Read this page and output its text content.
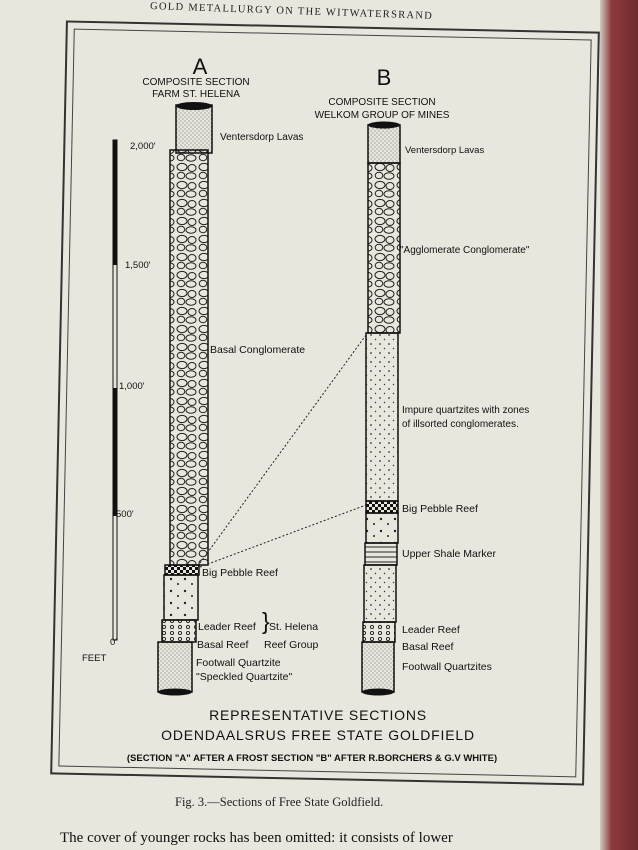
GOLD METALLURGY ON THE WITWATERSRAND
A
COMPOSITE SECTION
FARM ST. HELENA
Ventersdorp Lavas
Basal Conglomerate
Big Pebble Reef
Leader Reef
Basal Reef
} St. Helena
Reef Group
Footwall Quartzite
"Speckled Quartzite"
B
COMPOSITE SECTION
WELKOM GROUP OF MINES
Ventersdorp Lavas
"Agglomerate Conglomerate"
Impure quartzites with zones
of illsorted conglomerates.
Big Pebble Reef
Upper Shale Marker
Leader Reef
Basal Reef
Footwall Quartzites
2,000'
1,500'
1,000'
500'
0'
FEET
REPRESENTATIVE SECTIONS
ODENDAALSRUS FREE STATE GOLDFIELD
(SECTION "A" AFTER A FROST SECTION "B" AFTER R.BORCHERS & G.V WHITE)
Fig. 3.—Sections of Free State Goldfield.
The cover of younger rocks has been omitted: it consists of lower
